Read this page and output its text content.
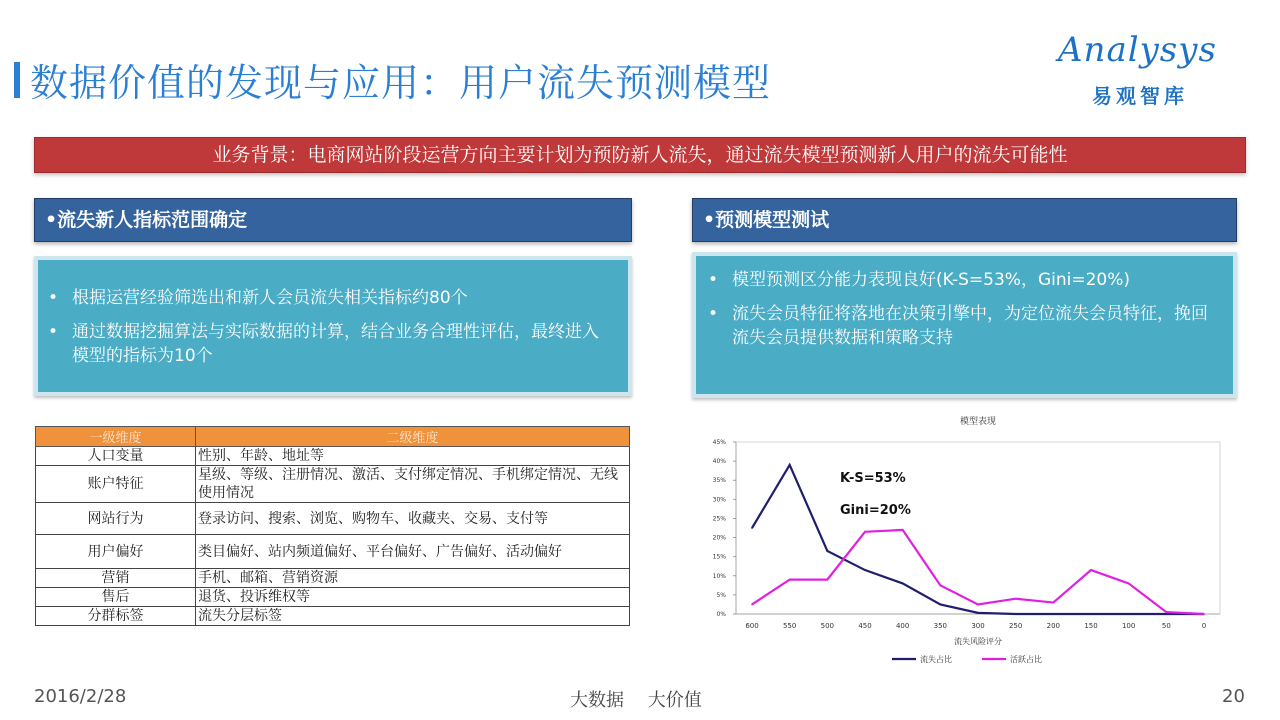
数据价值的发现与应用：用户流失预测模型
Analysys
易观智库
业务背景：电商网站阶段运营方向主要计划为预防新人流失，通过流失模型预测新人用户的流失可能性
•流失新人指标范围确定	•预测模型测试
• 根据运营经验筛选出和新人会员流失相关指标约80个
• 通过数据挖掘算法与实际数据的计算，结合业务合理性评估，最终进入模型的指标为10个
• 模型预测区分能力表现良好(K-S=53%，Gini=20%)
• 流失会员特征将落地在决策引擎中，为定位流失会员特征，挽回流失会员提供数据和策略支持
一级维度	二级维度
人口变量	性别、年龄、地址等
账户特征	星级、等级、注册情况、激活、支付绑定情况、手机绑定情况、无线使用情况
网站行为	登录访问、搜索、浏览、购物车、收藏夹、交易、支付等
用户偏好	类目偏好、站内频道偏好、平台偏好、广告偏好、活动偏好
营销	手机、邮箱、营销资源
售后	退货、投诉维权等
分群标签	流失分层标签
模型表现
0%
5%
10%
15%
20%
25%
30%
35%
40%
45%
600	550	500	450	400	350	300	250	200	150	100	50	0
流失风险评分
K-S=53%
Gini=20%
流失占比	活跃占比
2016/2/28	大数据 大价值	20
